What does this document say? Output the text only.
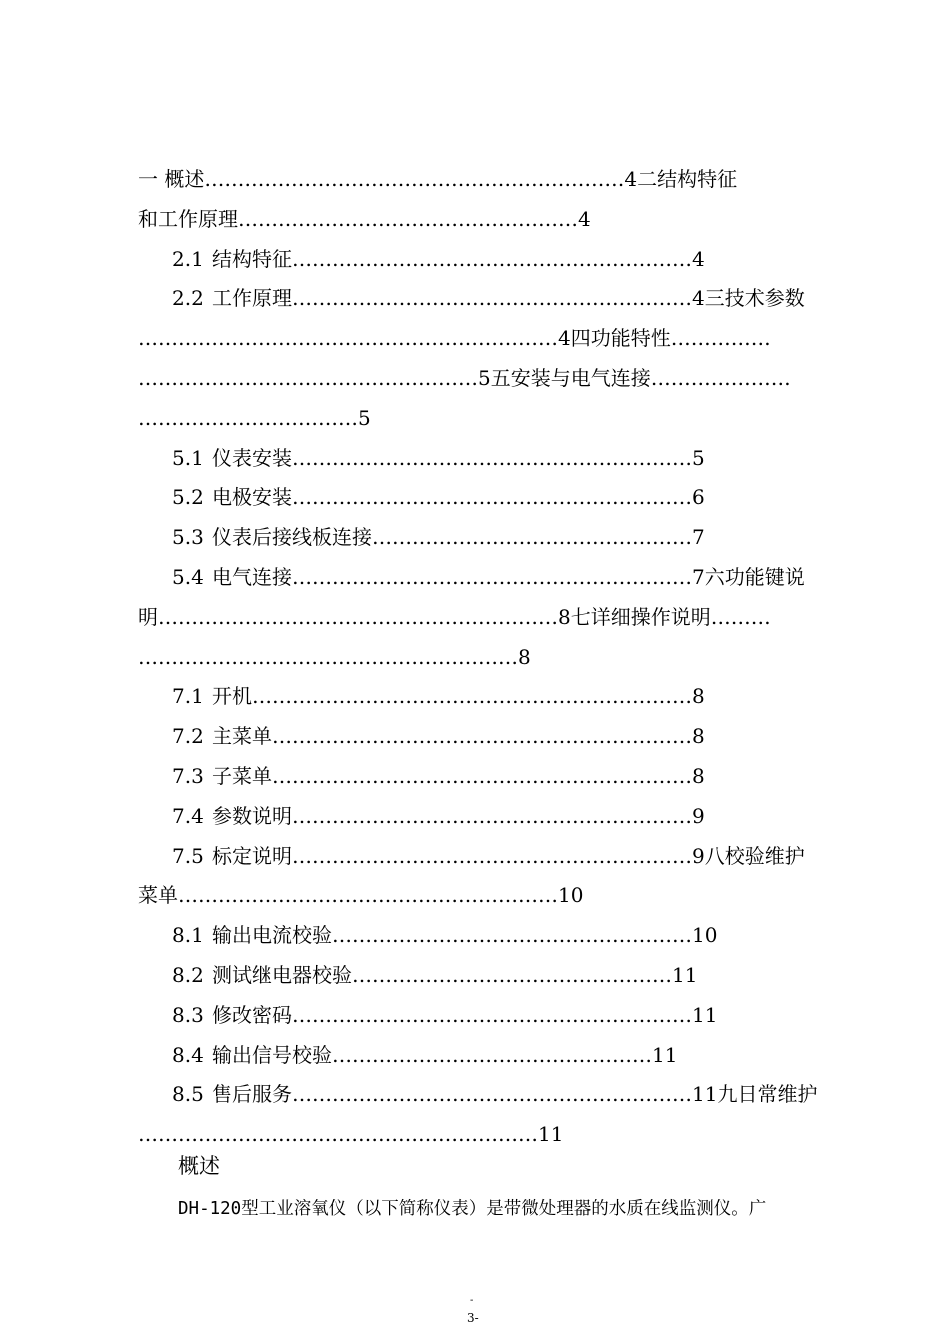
一 概述………………………………………………………4二结构特征
和工作原理……………………………………………4
2.1 结构特征……………………………………………………4
2.2 工作原理……………………………………………………4三技术参数
………………………………………………………4四功能特性……………
……………………………………………5五安装与电气连接…………………
……………………………5
5.1 仪表安装……………………………………………………5
5.2 电极安装……………………………………………………6
5.3 仪表后接线板连接…………………………………………7
5.4 电气连接……………………………………………………7六功能键说
明……………………………………………………8七详细操作说明………
…………………………………………………8
7.1 开机…………………………………………………………8
7.2 主菜单………………………………………………………8
7.3 子菜单………………………………………………………8
7.4 参数说明……………………………………………………9
7.5 标定说明……………………………………………………9八校验维护
菜单…………………………………………………10
8.1 输出电流校验………………………………………………10
8.2 测试继电器校验…………………………………………11
8.3 修改密码……………………………………………………11
8.4 输出信号校验…………………………………………11
8.5 售后服务……………………………………………………11九日常维护
……………………………………………………11
概述
DH-120型工业溶氧仪（以下简称仪表）是带微处理器的水质在线监测仪。广
-
3-
